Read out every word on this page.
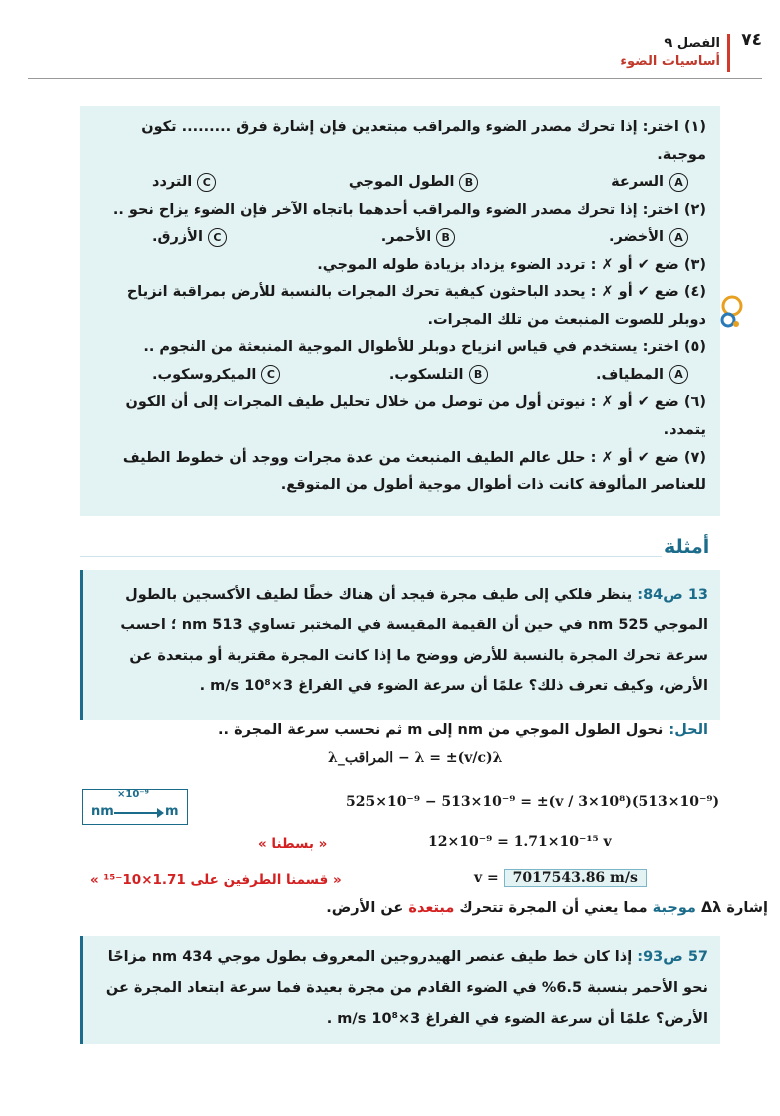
٧٤
الفصل ٩
أساسيات الضوء

(١) اختر: إذا تحرك مصدر الضوء والمراقب مبتعدين فإن إشارة فرق ......... تكون موجبة.

Aالسرعة
Bالطول الموجي
Cالتردد

(٢) اختر: إذا تحرك مصدر الضوء والمراقب أحدهما باتجاه الآخر فإن الضوء يزاح نحو ..

Aالأخضر.
Bالأحمر.
Cالأزرق.

(٣) ضع ✔ أو ✗ : تردد الضوء يزداد بزيادة طوله الموجي.

(٤) ضع ✔ أو ✗ : يحدد الباحثون كيفية تحرك المجرات بالنسبة للأرض بمراقبة انزياح دوبلر للصوت المنبعث من تلك المجرات.

(٥) اختر: يستخدم في قياس انزياح دوبلر للأطوال الموجية المنبعثة من النجوم ..

Aالمطياف.
Bالتلسكوب.
Cالميكروسكوب.

(٦) ضع ✔ أو ✗ : نيوتن أول من توصل من خلال تحليل طيف المجرات إلى أن الكون يتمدد.

(٧) ضع ✔ أو ✗ : حلل عالم الطيف المنبعث من عدة مجرات ووجد أن خطوط الطيف للعناصر المألوفة كانت ذات أطوال موجية أطول من المتوقع.

أمثلة

13 ص84: ينظر فلكي إلى طيف مجرة فيجد أن هناك خطًا لطيف الأكسجين بالطول الموجي 525 nm في حين أن القيمة المقيسة في المختبر تساوي 513 nm ؛ احسب سرعة تحرك المجرة بالنسبة للأرض ووضح ما إذا كانت المجرة مقتربة أو مبتعدة عن الأرض، وكيف تعرف ذلك؟ علمًا أن سرعة الضوء في الفراغ 3×10⁸ m/s .

الحل: نحول الطول الموجي من nm إلى m ثم نحسب سرعة المجرة ..
λ_المراقب − λ = ±(v/c)λ
525×10⁻⁹ − 513×10⁻⁹ = ±(v / 3×10⁸)(513×10⁻⁹)
12×10⁻⁹ = 1.71×10⁻¹⁵ v
v = 7017543.86 m/s
« بسطنا »
« قسمنا الطرفين على 1.71×10⁻¹⁵ »
nm
×10⁻⁹
m
إشارة Δλ موجبة مما يعني أن المجرة تتحرك مبتعدة عن الأرض.

57 ص93: إذا كان خط طيف عنصر الهيدروجين المعروف بطول موجي 434 nm مزاحًا نحو الأحمر بنسبة 6.5% في الضوء القادم من مجرة بعيدة فما سرعة ابتعاد المجرة عن الأرض؟ علمًا أن سرعة الضوء في الفراغ 3×10⁸ m/s .
